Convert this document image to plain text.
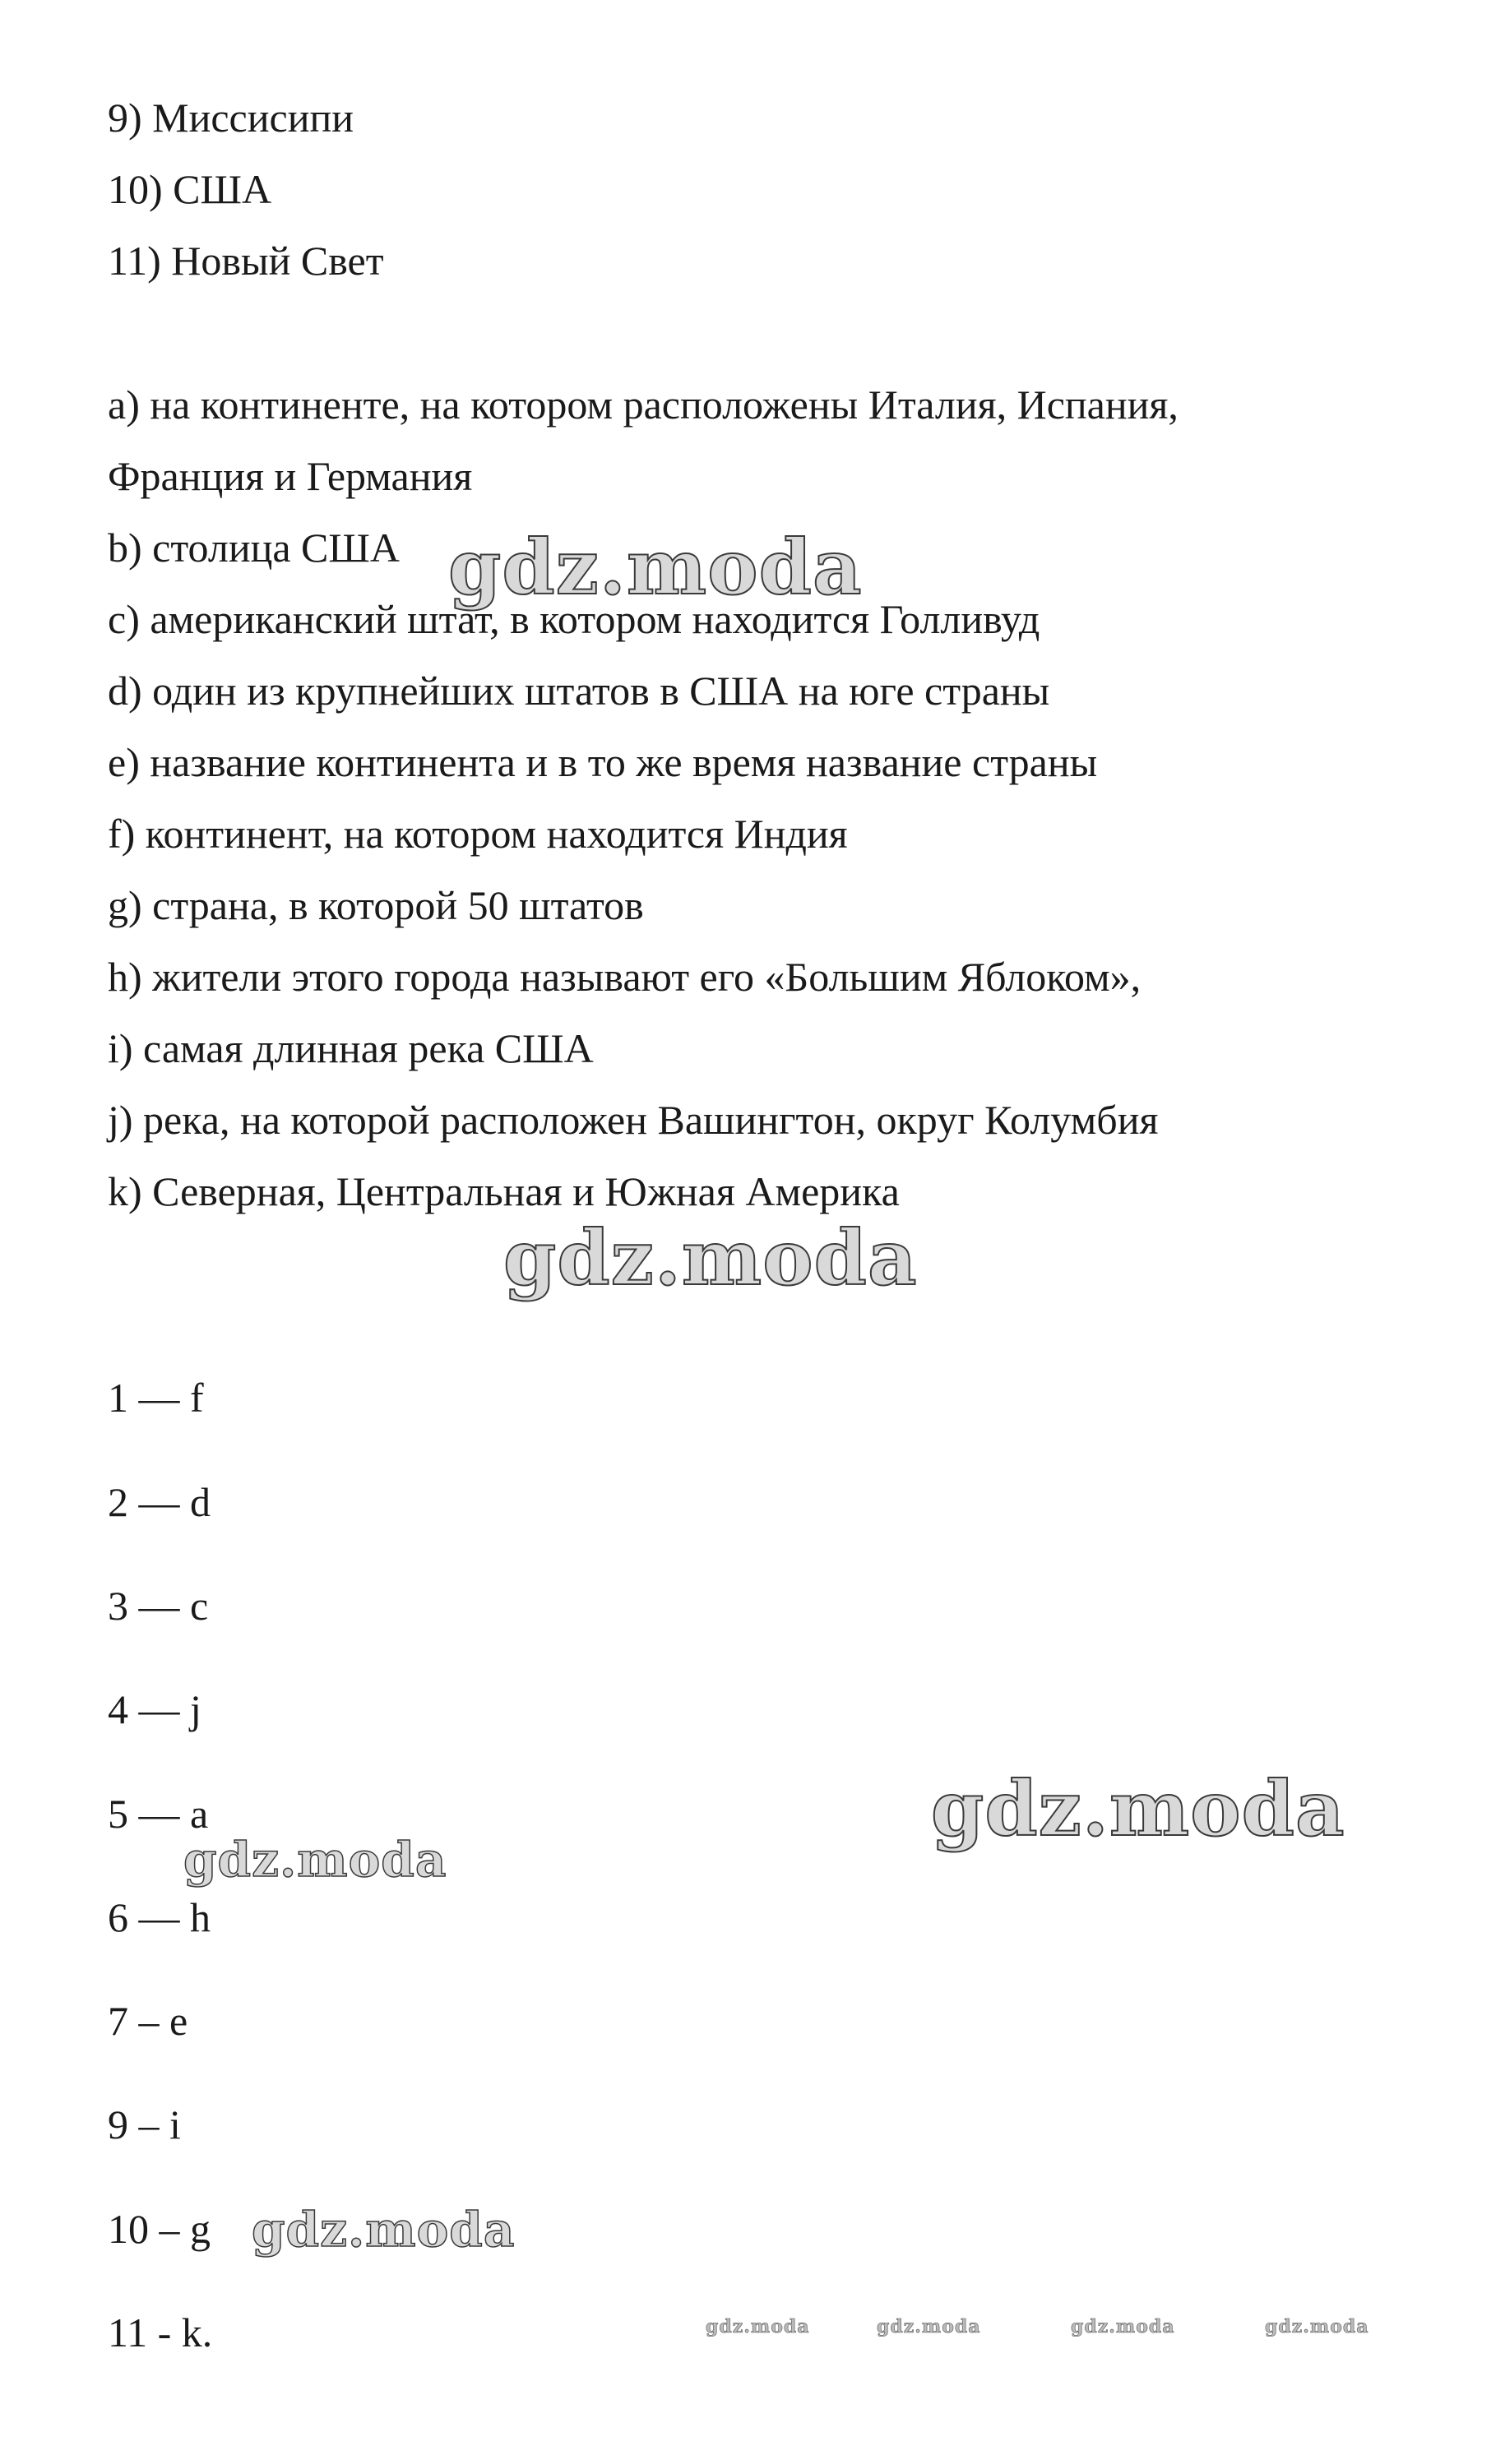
9) Миссисипи
10) США
11) Новый Свет
a) на континенте, на котором расположены Италия, Испания,
Франция и Германия
b) столица США
c) американский штат, в котором находится Голливуд
d) один из крупнейших штатов в США на юге страны
e) название континента и в то же время название страны
f) континент, на котором находится Индия
g) страна, в которой 50 штатов
h) жители этого города называют его «Большим Яблоком»,
i) самая длинная река США
j) река, на которой расположен Вашингтон, округ Колумбия
k) Северная, Центральная и Южная Америка
1 — f
2 — d
3 — c
4 — j
5 — a
6 — h
7 – e
9 – i
10 – g
11 - k.
gdz.moda
gdz.moda
gdz.moda
gdz.moda
gdz.moda
gdz.moda	gdz.moda	gdz.moda	gdz.moda
